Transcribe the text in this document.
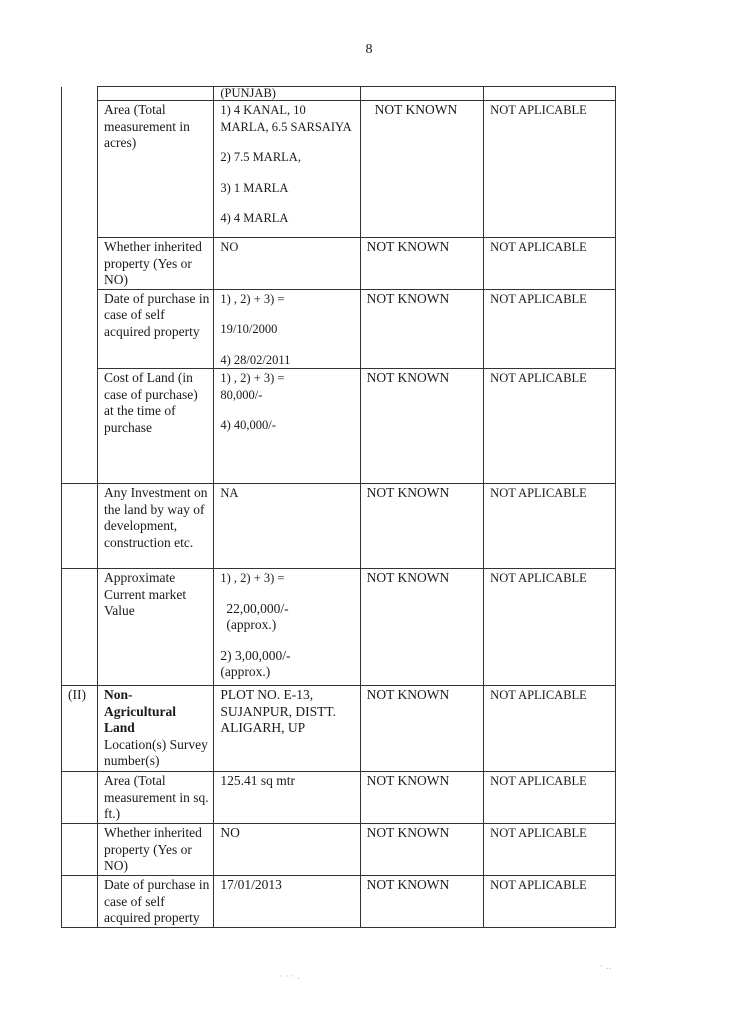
8

		(PUNJAB)		

	Area (Total measurement in acres)	1) 4 KANAL, 10 MARLA, 6.5 SARSAIYA
2) 7.5 MARLA,
3) 1 MARLA
4) 4 MARLA	NOT KNOWN	NOT APLICABLE
	Whether inherited property (Yes or NO)	NO	NOT KNOWN	NOT APLICABLE
	Date of purchase in case of self acquired property	1) , 2) + 3) =
19/10/2000
4) 28/02/2011	NOT KNOWN	NOT APLICABLE
	Cost of Land (in case of purchase) at the time of purchase	1) , 2) + 3) = 80,000/-
4) 40,000/-	NOT KNOWN	NOT APLICABLE
	Any Investment on the land by way of development, construction etc.	NA	NOT KNOWN	NOT APLICABLE
	Approximate Current market Value	1) , 2) + 3) =
22,00,000/- (approx.)
2) 3,00,000/- (approx.)	NOT KNOWN	NOT APLICABLE
(II)	Non-Agricultural Land
Location(s) Survey number(s)	PLOT NO. E-13, SUJANPUR, DISTT. ALIGARH, UP	NOT KNOWN	NOT APLICABLE
	Area (Total measurement in sq. ft.)	125.41 sq mtr	NOT KNOWN	NOT APLICABLE
	Whether inherited property (Yes or NO)	NO	NOT KNOWN	NOT APLICABLE
	Date of purchase in case of self acquired property	17/01/2013	NOT KNOWN	NOT APLICABLE
· · · .
· ..
